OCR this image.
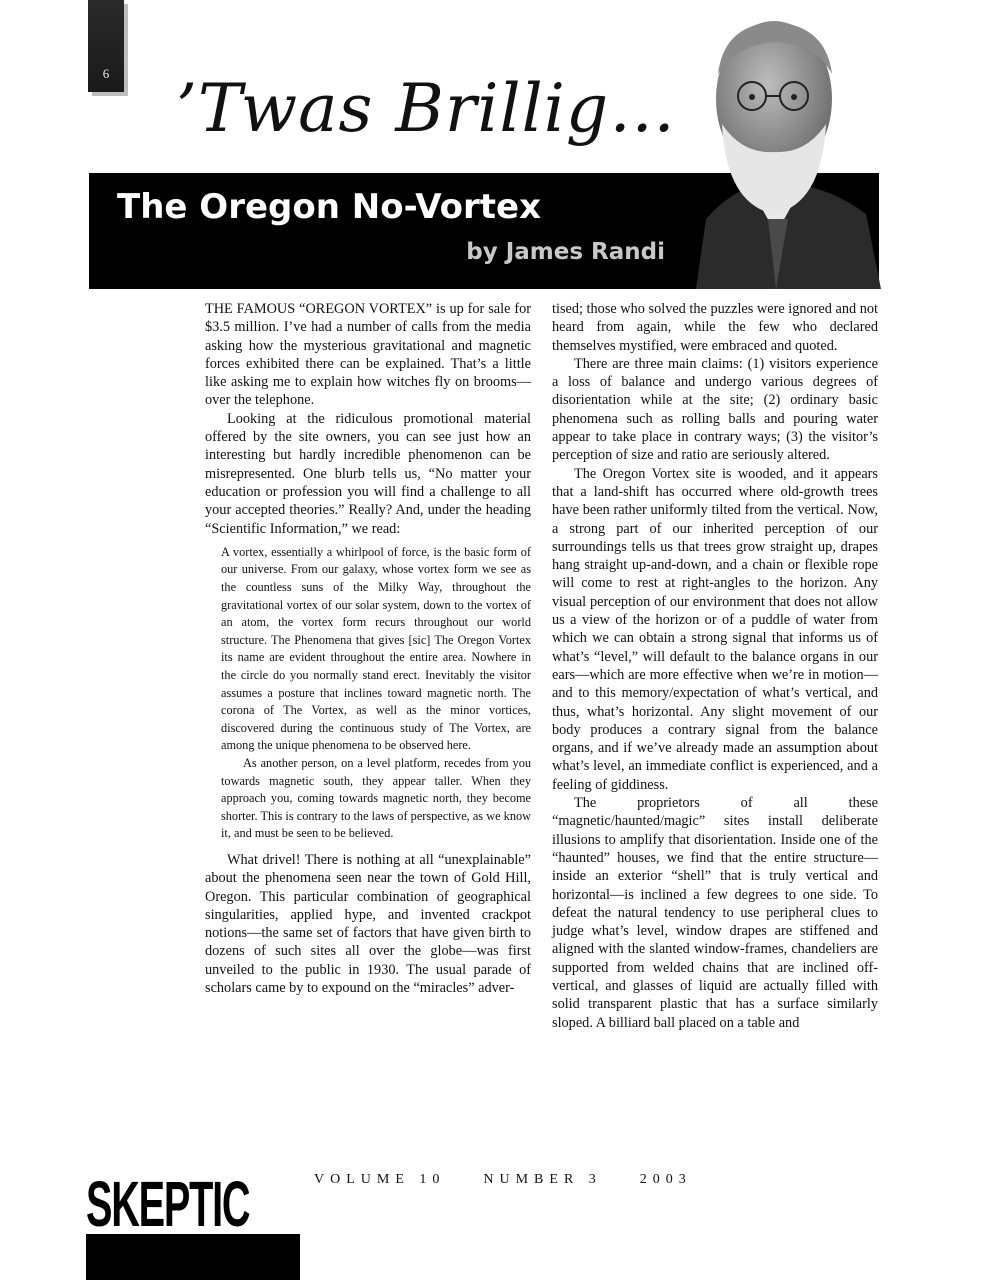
6 ’Twas Brillig…
The Oregon No-Vortex
by James Randi

THE FAMOUS “OREGON VORTEX” is up for sale for $3.5 million. I’ve had a number of calls from the media asking how the mysterious gravitational and magnetic forces exhibited there can be explained. That’s a little like asking me to explain how witches fly on brooms—over the telephone.

Looking at the ridiculous promotional material offered by the site owners, you can see just how an interesting but hardly incredible phenomenon can be misrepresented. One blurb tells us, “No matter your education or profession you will find a challenge to all your accepted theories.” Really? And, under the heading “Scientific Information,” we read:

A vortex, essentially a whirlpool of force, is the basic form of our universe. From our galaxy, whose vortex form we see as the countless suns of the Milky Way, throughout the gravitational vortex of our solar system, down to the vortex of an atom, the vortex form recurs throughout our world structure. The Phenomena that gives [sic] The Oregon Vortex its name are evident throughout the entire area. Nowhere in the circle do you normally stand erect. Inevitably the visitor assumes a posture that inclines toward magnetic north. The corona of The Vortex, as well as the minor vortices, discovered during the continuous study of The Vortex, are among the unique phenomena to be observed here.

As another person, on a level platform, recedes from you towards magnetic south, they appear taller. When they approach you, coming towards magnetic north, they become shorter. This is contrary to the laws of perspective, as we know it, and must be seen to be believed.

What drivel! There is nothing at all “unexplainable” about the phenomena seen near the town of Gold Hill, Oregon. This particular combination of geographical singularities, applied hype, and invented crackpot notions—the same set of factors that have given birth to dozens of such sites all over the globe—was first unveiled to the public in 1930. The usual parade of scholars came by to expound on the “miracles” adver-

tised; those who solved the puzzles were ignored and not heard from again, while the few who declared themselves mystified, were embraced and quoted.

There are three main claims: (1) visitors experience a loss of balance and undergo various degrees of disorientation while at the site; (2) ordinary basic phenomena such as rolling balls and pouring water appear to take place in contrary ways; (3) the visitor’s perception of size and ratio are seriously altered.

The Oregon Vortex site is wooded, and it appears that a land-shift has occurred where old-growth trees have been rather uniformly tilted from the vertical. Now, a strong part of our inherited perception of our surroundings tells us that trees grow straight up, drapes hang straight up-and-down, and a chain or flexible rope will come to rest at right-angles to the horizon. Any visual perception of our environment that does not allow us a view of the horizon or of a puddle of water from which we can obtain a strong signal that informs us of what’s “level,” will default to the balance organs in our ears—which are more effective when we’re in motion—and to this memory/expectation of what’s vertical, and thus, what’s horizontal. Any slight movement of our body produces a contrary signal from the balance organs, and if we’ve already made an assumption about what’s level, an immediate conflict is experienced, and a feeling of giddiness.

The proprietors of all these “magnetic/haunted/magic” sites install deliberate illusions to amplify that disorientation. Inside one of the “haunted” houses, we find that the entire structure—inside an exterior “shell” that is truly vertical and horizontal—is inclined a few degrees to one side. To defeat the natural tendency to use peripheral clues to judge what’s level, window drapes are stiffened and aligned with the slanted window-frames, chandeliers are supported from welded chains that are inclined off-vertical, and glasses of liquid are actually filled with solid transparent plastic that has a surface similarly sloped. A billiard ball placed on a table and

SKEPTIC	VOLUME 10    NUMBER 3    2003
